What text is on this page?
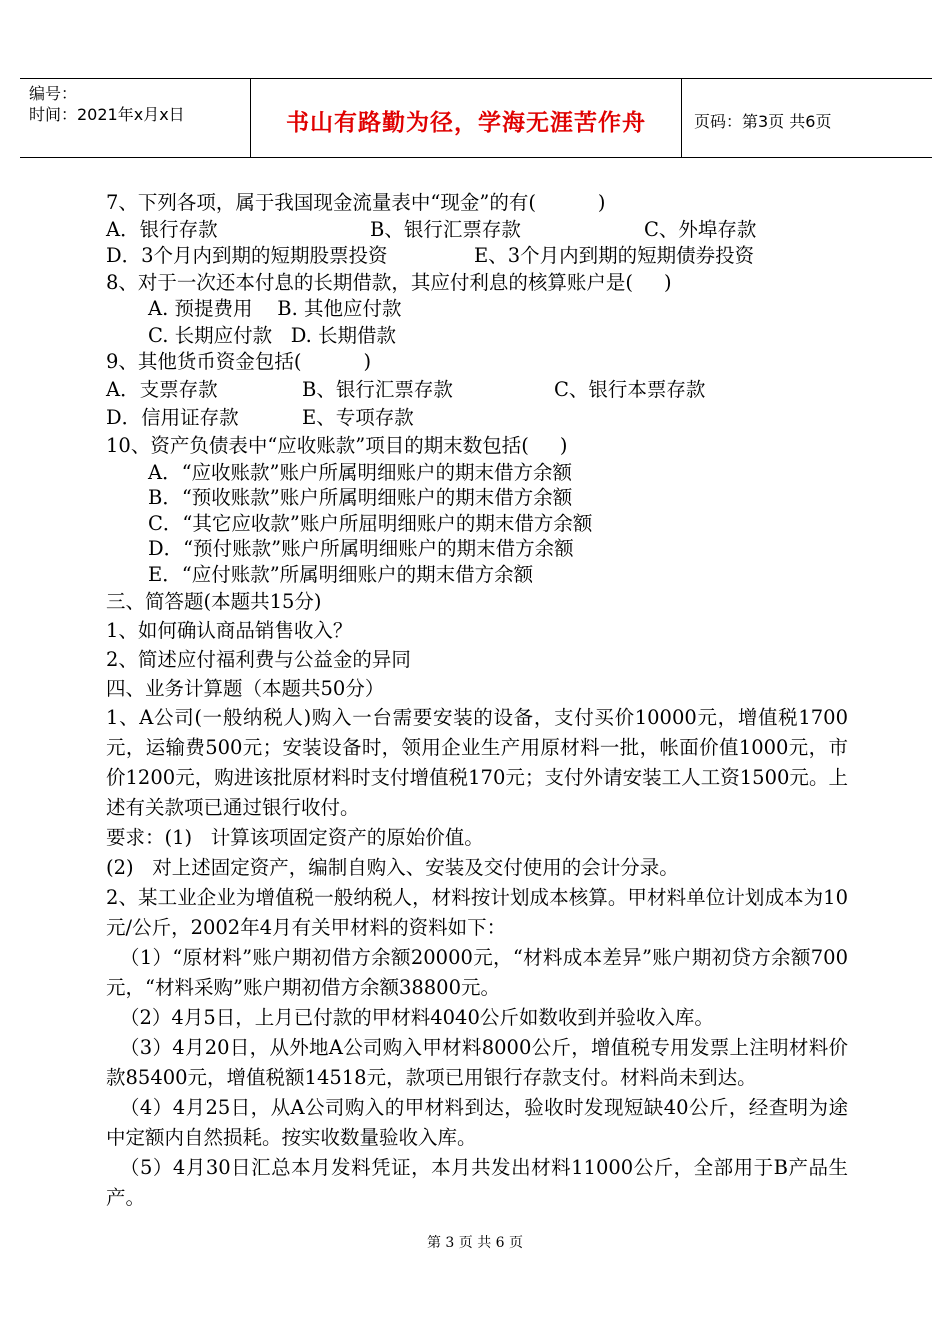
编号：
时间：2021年x月x日	书山有路勤为径，学海无涯苦作舟	页码：第3页 共6页
7、下列各项，属于我国现金流量表中“现金”的有(          )
A．银行存款	B、银行汇票存款	C、外埠存款
D．3个月内到期的短期股票投资	E、3个月内到期的短期债券投资
8、对于一次还本付息的长期借款，其应付利息的核算账户是(     )
A. 预提费用    B. 其他应付款
C. 长期应付款   D. 长期借款
9、其他货币资金包括(          )
A．支票存款	B、银行汇票存款	C、银行本票存款
D．信用证存款	E、专项存款
10、资产负债表中“应收账款”项目的期末数包括(     )
A．“应收账款”账户所属明细账户的期末借方余额
B．“预收账款”账户所属明细账户的期末借方余额
C．“其它应收款”账户所屈明细账户的期末借方余额
D．“预付账款”账户所属明细账户的期末借方余额
E．“应付账款”所属明细账户的期末借方余额
三、简答题(本题共15分)
1、如何确认商品销售收入？
2、简述应付福利费与公益金的异同
四、业务计算题（本题共50分）
1、A公司(一般纳税人)购入一台需要安装的设备，支付买价10000元，增值税1700元，运输费500元；安装设备时，领用企业生产用原材料一批，帐面价值1000元，市价1200元，购进该批原材料时支付增值税170元；支付外请安装工人工资1500元。上述有关款项已通过银行收付。
要求：(1)   计算该项固定资产的原始价值。
(2)   对上述固定资产，编制自购入、安装及交付使用的会计分录。
2、某工业企业为增值税一般纳税人，材料按计划成本核算。甲材料单位计划成本为10元/公斤，2002年4月有关甲材料的资料如下：
（1）“原材料”账户期初借方余额20000元，“材料成本差异”账户期初贷方余额700元，“材料采购”账户期初借方余额38800元。
（2）4月5日，上月已付款的甲材料4040公斤如数收到并验收入库。
（3）4月20日，从外地A公司购入甲材料8000公斤，增值税专用发票上注明材料价款85400元，增值税额14518元，款项已用银行存款支付。材料尚未到达。
（4）4月25日，从A公司购入的甲材料到达，验收时发现短缺40公斤，经查明为途中定额内自然损耗。按实收数量验收入库。
（5）4月30日汇总本月发料凭证，本月共发出材料11000公斤，全部用于B产品生产。
第 3 页 共 6 页
